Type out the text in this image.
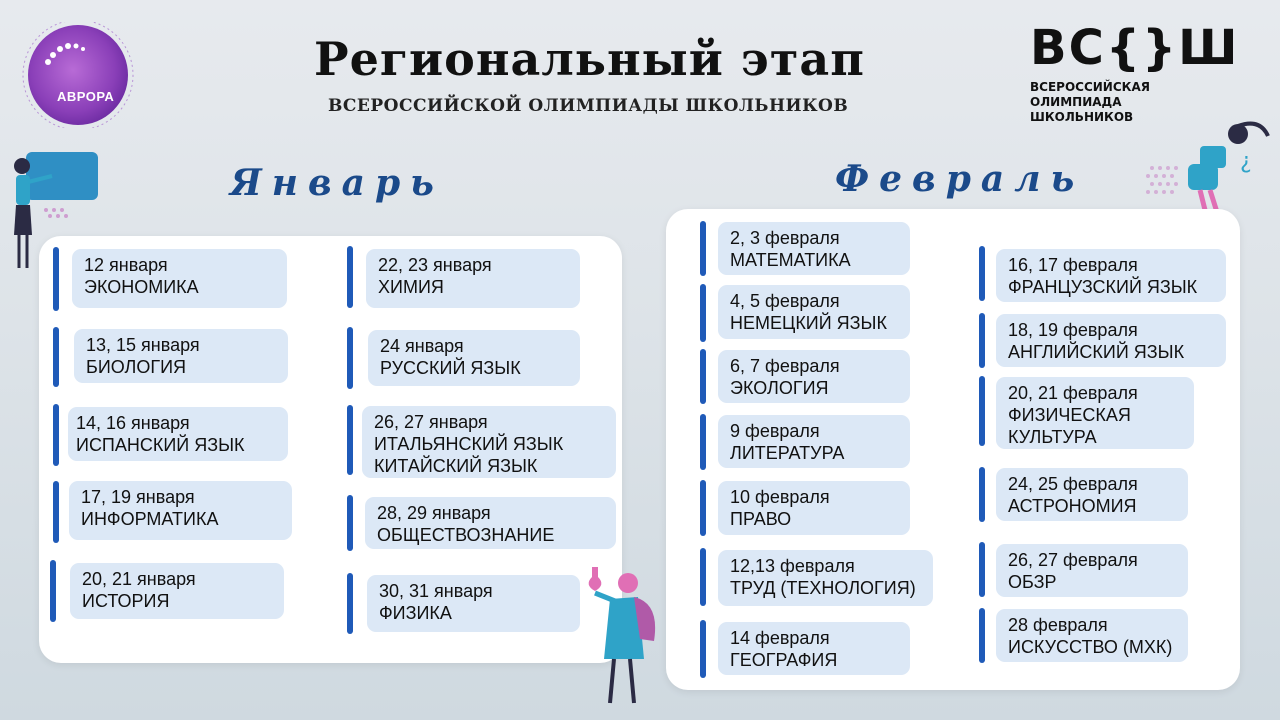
АВРОРА
Региональный этап
ВСЕРОССИЙСКОЙ ОЛИМПИАДЫ ШКОЛЬНИКОВ
ВС{}Ш
ВСЕРОССИЙСКАЯ
ОЛИМПИАДА
ШКОЛЬНИКОВ
¿
Январь	Февраль
12 января
ЭКОНОМИКА
13, 15 января
БИОЛОГИЯ
14, 16 января
ИСПАНСКИЙ ЯЗЫК
17, 19 января
ИНФОРМАТИКА
20, 21 января
ИСТОРИЯ
22, 23 января
ХИМИЯ
24 января
РУССКИЙ ЯЗЫК
26, 27 января
ИТАЛЬЯНСКИЙ ЯЗЫК
КИТАЙСКИЙ ЯЗЫК
28, 29 января
ОБЩЕСТВОЗНАНИЕ
30, 31 января
ФИЗИКА
2, 3 февраля
МАТЕМАТИКА
4, 5 февраля
НЕМЕЦКИЙ ЯЗЫК
6, 7 февраля
ЭКОЛОГИЯ
9 февраля
ЛИТЕРАТУРА
10 февраля
ПРАВО
12,13 февраля
ТРУД (ТЕХНОЛОГИЯ)
14 февраля
ГЕОГРАФИЯ
16, 17 февраля
ФРАНЦУЗСКИЙ ЯЗЫК
18, 19 февраля
АНГЛИЙСКИЙ ЯЗЫК
20, 21 февраля
ФИЗИЧЕСКАЯ
КУЛЬТУРА
24, 25 февраля
АСТРОНОМИЯ
26, 27 февраля
ОБЗР
28 февраля
ИСКУССТВО (МХК)
